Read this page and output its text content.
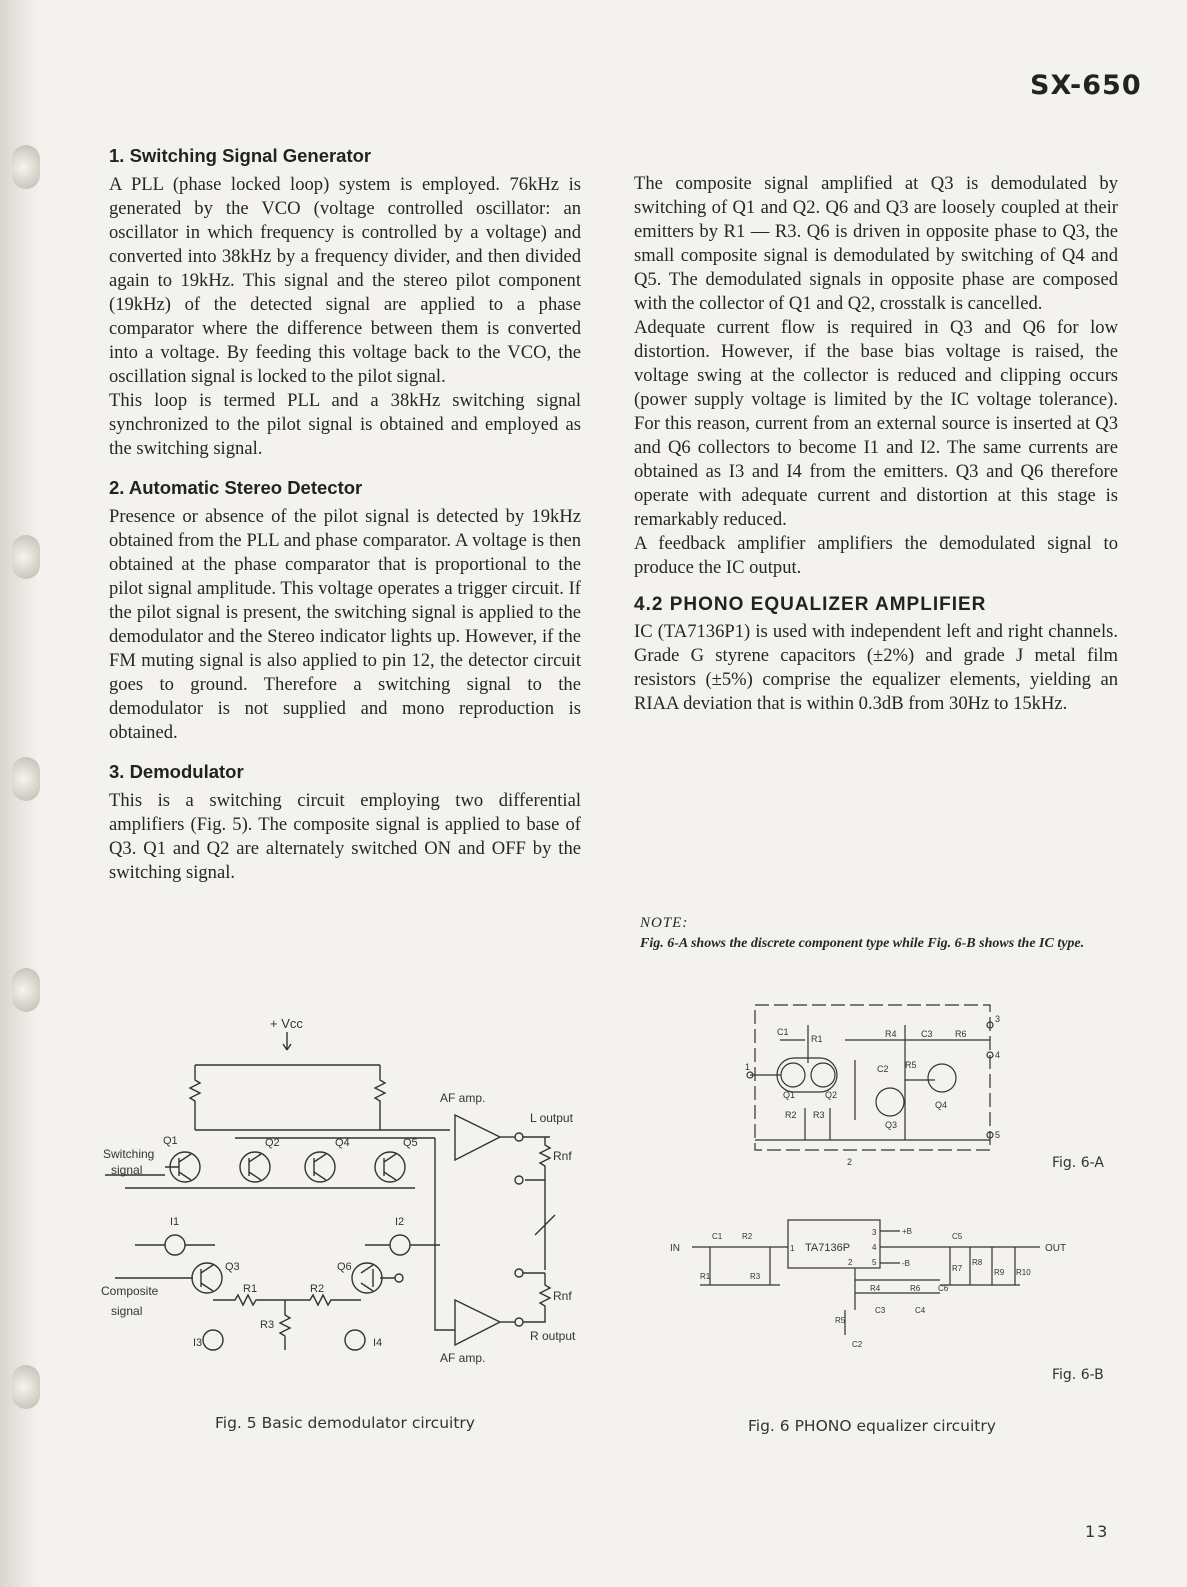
SX-650
1. Switching Signal Generator

A PLL (phase locked loop) system is employed. 76kHz is generated by the VCO (voltage controlled oscillator: an oscillator in which frequency is controlled by a voltage) and converted into 38kHz by a frequency divider, and then divided again to 19kHz. This signal and the stereo pilot component (19kHz) of the detected signal are applied to a phase comparator where the difference between them is converted into a voltage. By feeding this voltage back to the VCO, the oscillation signal is locked to the pilot signal.

This loop is termed PLL and a 38kHz switching signal synchronized to the pilot signal is obtained and employed as the switching signal.

2. Automatic Stereo Detector

Presence or absence of the pilot signal is detected by 19kHz obtained from the PLL and phase comparator. A voltage is then obtained at the phase comparator that is proportional to the pilot signal amplitude. This voltage operates a trigger circuit. If the pilot signal is present, the switching signal is applied to the demodulator and the Stereo indicator lights up. However, if the FM muting signal is also applied to pin 12, the detector circuit goes to ground. Therefore a switching signal to the demodulator is not supplied and mono reproduction is obtained.

3. Demodulator

This is a switching circuit employing two differential amplifiers (Fig. 5). The composite signal is applied to base of Q3. Q1 and Q2 are alternately switched ON and OFF by the switching signal.

The composite signal amplified at Q3 is demodulated by switching of Q1 and Q2. Q6 and Q3 are loosely coupled at their emitters by R1 — R3. Q6 is driven in opposite phase to Q3, the small composite signal is demodulated by switching of Q4 and Q5. The demodulated signals in opposite phase are composed with the collector of Q1 and Q2, crosstalk is cancelled.

Adequate current flow is required in Q3 and Q6 for low distortion. However, if the base bias voltage is raised, the voltage swing at the collector is reduced and clipping occurs (power supply voltage is limited by the IC voltage tolerance). For this reason, current from an external source is inserted at Q3 and Q6 collectors to become I1 and I2. The same currents are obtained as I3 and I4 from the emitters. Q3 and Q6 therefore operate with adequate current and distortion at this stage is remarkably reduced.

A feedback amplifier amplifiers the demodulated signal to produce the IC output.

4.2 PHONO EQUALIZER AMPLIFIER

IC (TA7136P1) is used with independent left and right channels. Grade G styrene capacitors (±2%) and grade J metal film resistors (±5%) comprise the equalizer elements, yielding an RIAA deviation that is within 0.3dB from 30Hz to 15kHz.

NOTE:
Fig. 6-A shows the discrete component type while Fig. 6-B shows the IC type.
+ Vcc
Switching
signal
Q1	Q2	Q4	Q5
AF amp.
L output
Rnf
I1	I2
Q3	Q6
Composite
signal
R1	R2
R3
I3	I4
AF amp.
Rnf
R output
Fig. 5 Basic demodulator circuitry
C1
R1
Q1	Q2
R2 R3
Q3
R4	C3 R6
C2 R5
Q4
1
2
3
4
5
Fig. 6-A
TA7136P
IN
C1 R2
R1	R3
1
3
4
5
2
+B
-B
C5
OUT
R7
R8
C6
R9 R10
R4	R6
C3	C4
R5
C2
Fig. 6-B
Fig. 6 PHONO equalizer circuitry
13
